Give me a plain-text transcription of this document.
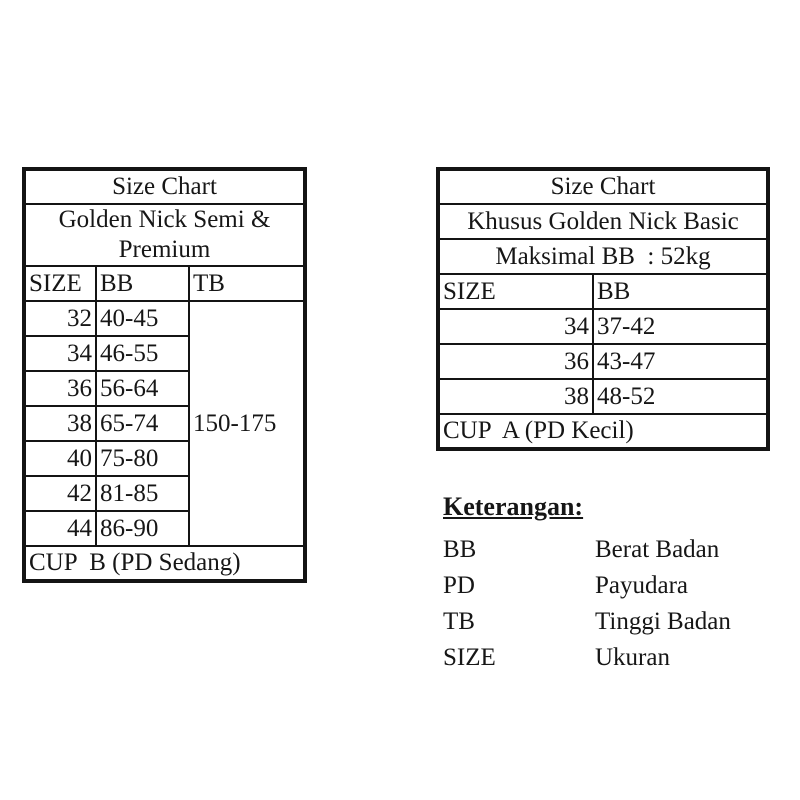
Size Chart		
Golden Nick Semi & Premium		
SIZE	BB	TB
32	40-45	150-175
34	46-55	
36	56-64	
38	65-74	
40	75-80	
42	81-85	
44	86-90	
CUP  B (PD Sedang)		
Size Chart	
Khusus Golden Nick Basic	
Maksimal BB  : 52kg	
SIZE	BB
34	37-42
36	43-47
38	48-52
CUP  A (PD Kecil)	
Keterangan:
BB	Berat Badan
PD	Payudara
TB	Tinggi Badan
SIZE	Ukuran
